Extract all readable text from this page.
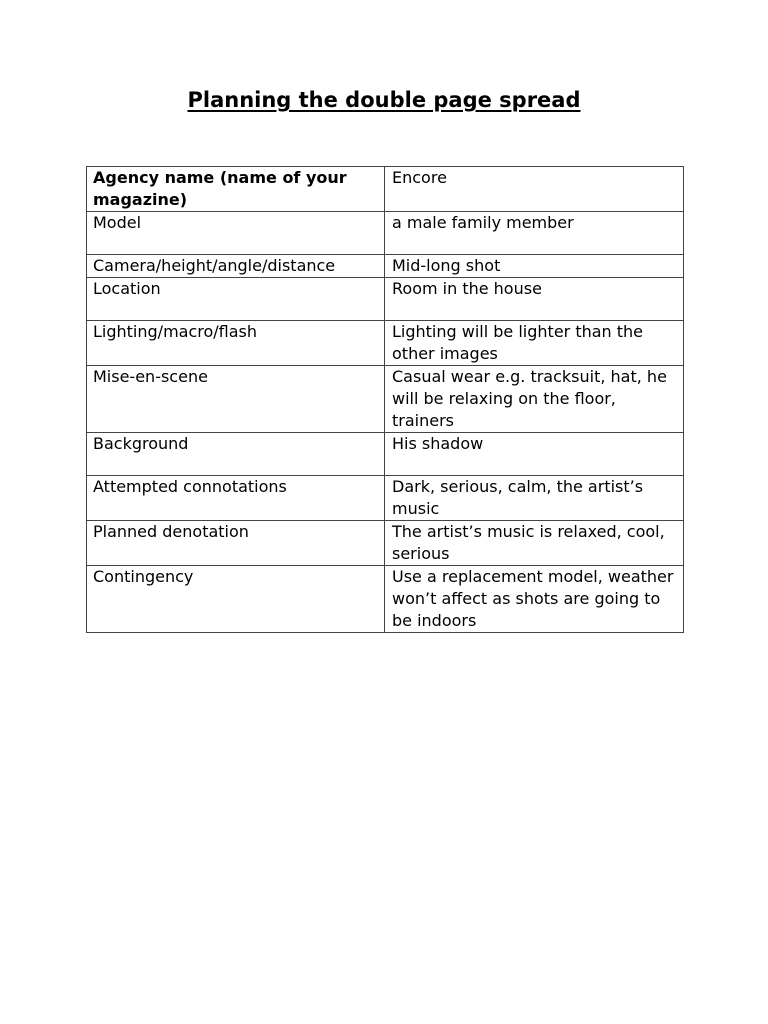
Planning the double page spread
Agency name (name of your magazine)	Encore
Model	a male family member
Camera/height/angle/distance	Mid-long shot
Location	Room in the house
Lighting/macro/flash	Lighting will be lighter than the other images
Mise-en-scene	Casual wear e.g. tracksuit, hat, he will be relaxing on the floor, trainers
Background	His shadow
Attempted connotations	Dark, serious, calm, the artist’s music
Planned denotation	The artist’s music is relaxed, cool, serious
Contingency	Use a replacement model, weather won’t affect as shots are going to be indoors
